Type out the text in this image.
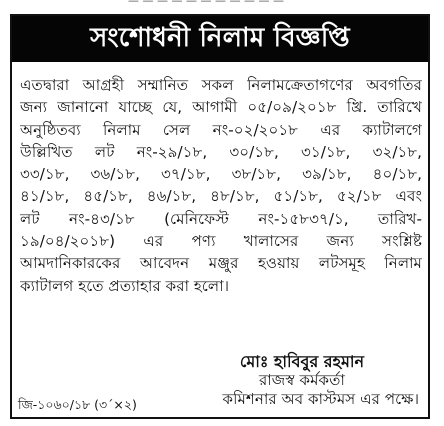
— — — — — — — — — — —
সংশোধনী নিলাম বিজ্ঞপ্তি
এতদ্বারা আগ্রহী সম্মানিত সকল নিলামক্রেতাগণের অবগতির
জন্য জানানো যাচ্ছে যে, আগামী ০৫/০৯/২০১৮ খ্রি. তারিখে
অনুষ্ঠিতব্য নিলাম সেল নং-০২/২০১৮ এর ক্যাটালগে
উল্লিখিত লট নং-২৯/১৮, ৩০/১৮, ৩১/১৮, ৩২/১৮,
৩৩/১৮, ৩৬/১৮, ৩৭/১৮, ৩৮/১৮, ৩৯/১৮, ৪০/১৮,
৪১/১৮, ৪৫/১৮, ৪৬/১৮, ৪৮/১৮, ৫১/১৮, ৫২/১৮ এবং
লট নং-৪৩/১৮ (মেনিফেস্ট নং-১৫৮৩৭/১, তারিখ-
১৯/০৪/২০১৮) এর পণ্য খালাসের জন্য সংশ্লিষ্ট
আমদানিকারকের আবেদন মঞ্জুর হওয়ায় লটসমূহ নিলাম
ক্যাটালগ হতে প্রত্যাহার করা হলো।
মোঃ হাবিবুর রহমান
রাজস্ব কর্মকর্তা
কমিশনার অব কাস্টমস এর পক্ষে।
জি-১০৬০/১৮ (৩´×২)
